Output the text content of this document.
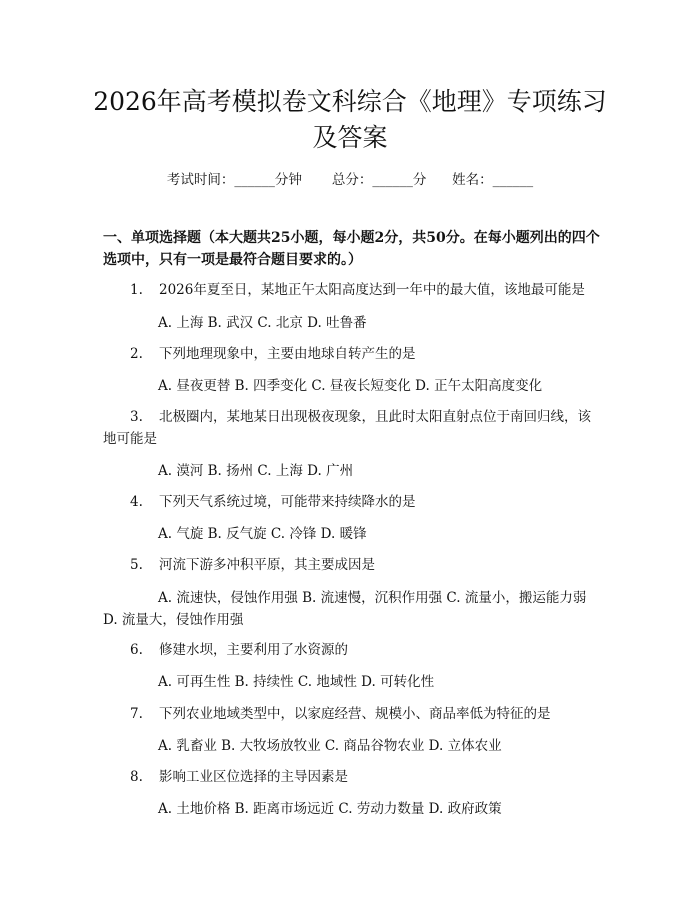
2026年高考模拟卷文科综合《地理》专项练习及答案
考试时间：______分钟 总分：______分 姓名：______

一、单项选择题（本大题共25小题，每小题2分，共50分。在每小题列出的四个选项中，只有一项是最符合题目要求的。）

1. 2026年夏至日，某地正午太阳高度达到一年中的最大值，该地最可能是

A. 上海 B. 武汉 C. 北京 D. 吐鲁番

2. 下列地理现象中，主要由地球自转产生的是

A. 昼夜更替 B. 四季变化 C. 昼夜长短变化 D. 正午太阳高度变化

3. 北极圈内，某地某日出现极夜现象，且此时太阳直射点位于南回归线，该地可能是

A. 漠河 B. 扬州 C. 上海 D. 广州

4. 下列天气系统过境，可能带来持续降水的是

A. 气旋 B. 反气旋 C. 冷锋 D. 暖锋

5. 河流下游多冲积平原，其主要成因是

A. 流速快，侵蚀作用强 B. 流速慢，沉积作用强 C. 流量小，搬运能力弱 D. 流量大，侵蚀作用强

6. 修建水坝，主要利用了水资源的

A. 可再生性 B. 持续性 C. 地域性 D. 可转化性

7. 下列农业地域类型中，以家庭经营、规模小、商品率低为特征的是

A. 乳畜业 B. 大牧场放牧业 C. 商品谷物农业 D. 立体农业

8. 影响工业区位选择的主导因素是

A. 土地价格 B. 距离市场远近 C. 劳动力数量 D. 政府政策
